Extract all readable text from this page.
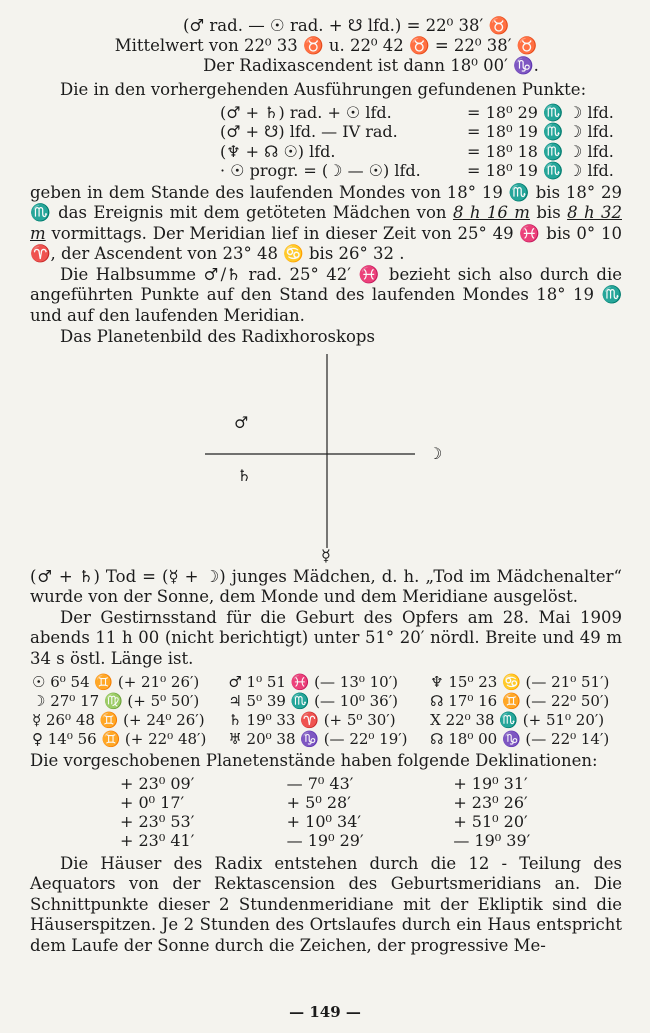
(♂ rad. — ☉ rad. + ☋ lfd.) = 22⁰ 38′ ♉
Mittelwert von 22⁰ 33 ♉ u. 22⁰ 42 ♉ = 22⁰ 38′ ♉
Der Radixascendent ist dann 18⁰ 00′ ♑.

Die in den vorhergehenden Ausführungen gefundenen Punkte:

(♂ + ♄) rad. + ☉ lfd.	=	18⁰ 29 ♏ ☽ lfd.
(♂ + ☋) lfd. — IV rad.	=	18⁰ 19 ♏ ☽ lfd.
(♆ + ☊ ☉) lfd.	=	18⁰ 18 ♏ ☽ lfd.
· ☉ progr. = (☽ — ☉) lfd.	=	18⁰ 19 ♏ ☽ lfd.

geben in dem Stande des laufenden Mondes von 18° 19 ♏ bis 18° 29 ♏ das Ereignis mit dem getöteten Mädchen von 8 h 16 m bis 8 h 32 m vormittags. Der Meridian lief in dieser Zeit von 25° 49 ♓ bis 0° 10 ♈, der Ascendent von 23° 48 ♋ bis 26° 32 .

Die Halbsumme ♂/♄ rad. 25° 42′ ♓ bezieht sich also durch die angeführten Punkte auf den Stand des laufenden Mondes 18° 19 ♏ und auf den laufenden Meridian.

Das Planetenbild des Radixhoroskops

♂
♄
☽
☿

(♂ + ♄) Tod = (☿ + ☽) junges Mädchen, d. h. „Tod im Mädchenalter“ wurde von der Sonne, dem Monde und dem Meridiane ausgelöst.

Der Gestirnsstand für die Geburt des Opfers am 28. Mai 1909 abends 11 h 00 (nicht berichtigt) unter 51° 20′ nördl. Breite und 49 m 34 s östl. Länge ist.

☉ 6⁰ 54 ♊ (+ 21⁰ 26′)	♂ 1⁰ 51 ♓ (— 13⁰ 10′)	♆ 15⁰ 23 ♋ (— 21⁰ 51′)
☽ 27⁰ 17 ♍ (+ 5⁰ 50′)	♃ 5⁰ 39 ♏ (— 10⁰ 36′)	☊ 17⁰ 16 ♊ (— 22⁰ 50′)
☿ 26⁰ 48 ♊ (+ 24⁰ 26′)	♄ 19⁰ 33 ♈ (+ 5⁰ 30′)	X 22⁰ 38 ♏ (+ 51⁰ 20′)
♀ 14⁰ 56 ♊ (+ 22⁰ 48′)	♅ 20⁰ 38 ♑ (— 22⁰ 19′)	☊ 18⁰ 00 ♑ (— 22⁰ 14′)

Die vorgeschobenen Planetenstände haben folgende Deklinationen:

+ 23⁰ 09′	— 7⁰ 43′	+ 19⁰ 31′
+ 0⁰ 17′	+ 5⁰ 28′	+ 23⁰ 26′
+ 23⁰ 53′	+ 10⁰ 34′	+ 51⁰ 20′
+ 23⁰ 41′	— 19⁰ 29′	— 19⁰ 39′

Die Häuser des Radix entstehen durch die 12 - Teilung des Aequators von der Rektascension des Geburtsmeridians an. Die Schnittpunkte dieser 2 Stundenmeridiane mit der Ekliptik sind die Häuserspitzen. Je 2 Stunden des Ortslaufes durch ein Haus entspricht dem Laufe der Sonne durch die Zeichen, der progressive Me-

— 149 —
